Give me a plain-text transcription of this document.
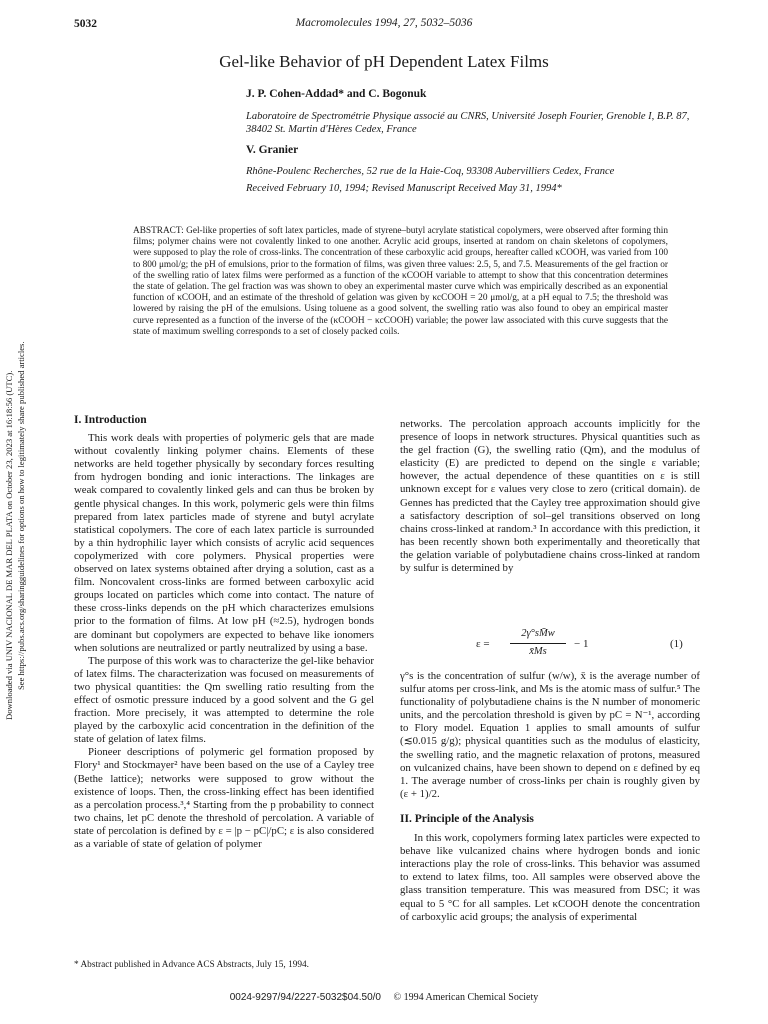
5032	Macromolecules 1994, 27, 5032–5036
Gel-like Behavior of pH Dependent Latex Films
J. P. Cohen-Addad* and C. Bogonuk
Laboratoire de Spectrométrie Physique associé au CNRS, Université Joseph Fourier, Grenoble I, B.P. 87, 38402 St. Martin d'Hères Cedex, France
V. Granier
Rhône-Poulenc Recherches, 52 rue de la Haie-Coq, 93308 Aubervilliers Cedex, France
Received February 10, 1994; Revised Manuscript Received May 31, 1994*
ABSTRACT: Gel-like properties of soft latex particles, made of styrene–butyl acrylate statistical copolymers, were observed after forming thin films; polymer chains were not covalently linked to one another. Acrylic acid groups, inserted at random on chain skeletons of copolymers, were supposed to play the role of cross-links. The concentration of these carboxylic acid groups, hereafter called κCOOH, was varied from 100 to 800 μmol/g; the pH of emulsions, prior to the formation of films, was given three values: 2.5, 5, and 7.5. Measurements of the gel fraction or of the swelling ratio of latex films were performed as a function of the κCOOH variable to attempt to show that this concentration determines the state of gelation. The gel fraction was was shown to obey an experimental master curve which was empirically described as an exponential function of κCOOH, and an estimate of the threshold of gelation was given by κcCOOH = 20 μmol/g, at a pH equal to 7.5; the threshold was lowered by raising the pH of the emulsions. Using toluene as a good solvent, the swelling ratio was also found to obey an empirical master curve represented as a function of the inverse of the (κCOOH − κcCOOH) variable; the power law associated with this curve suggests that the state of maximum swelling corresponds to a set of closely packed coils.
Downloaded via UNIV NACIONAL DE MAR DEL PLATA on October 23, 2023 at 16:18:56 (UTC). See https://pubs.acs.org/sharingguidelines for options on how to legitimately share published articles.	I. Introduction

This work deals with properties of polymeric gels that are made without covalently linking polymer chains. Elements of these networks are held together physically by secondary forces resulting from hydrogen bonding and ionic interactions. The linkages are weak compared to covalently linked gels and can thus be broken by gentle physical changes. In this work, polymeric gels were thin films prepared from latex particles made of styrene and butyl acrylate statistical copolymers. The core of each latex particle is surrounded by a thin hydrophilic layer which consists of acrylic acid sequences copolymerized with core polymers. Physical properties were observed on latex systems obtained after drying a solution, cast as a film. Noncovalent cross-links are formed between carboxylic acid groups located on particles which come into contact. The nature of these cross-links depends on the pH which characterizes emulsions prior to the formation of films. At low pH (≈2.5), hydrogen bonds are dominant but copolymers are expected to behave like ionomers when solutions are neutralized or partly neutralized by using a base.

The purpose of this work was to characterize the gel-like behavior of latex films. The characterization was focused on measurements of two physical quantities: the Qm swelling ratio resulting from the effect of osmotic pressure induced by a good solvent and the G gel fraction. More precisely, it was attempted to determine the role played by the carboxylic acid concentration in the definition of the state of gelation of latex films.

Pioneer descriptions of polymeric gel formation proposed by Flory¹ and Stockmayer² have been based on the use of a Cayley tree (Bethe lattice); networks were supposed to grow without the existence of loops. Then, the cross-linking effect has been identified as a percolation process.³,⁴ Starting from the p probability to connect two chains, let pC denote the threshold of percolation. A variable of state of percolation is defined by ε = |p − pC|/pC; ε is also considered as a variable of state of gelation of polymer

networks. The percolation approach accounts implicitly for the presence of loops in network structures. Physical quantities such as the gel fraction (G), the swelling ratio (Qm), and the modulus of elasticity (E) are predicted to depend on the single ε variable; however, the actual dependence of these quantities on ε is still unknown except for ε values very close to zero (critical domain). de Gennes has predicted that the Cayley tree approximation should give a satisfactory description of sol–gel transitions observed on long chains cross-linked at random.³ In accordance with this prediction, it has been recently shown both experimentally and theoretically that the gelation variable of polybutadiene chains cross-linked at random by sulfur is determined by

ε =
2γ°sM̄w
x̄Ms
− 1	(1)

γ°s is the concentration of sulfur (w/w), x̄ is the average number of sulfur atoms per cross-link, and Ms is the atomic mass of sulfur.⁵ The functionality of polybutadiene chains is the N number of monomeric units, and the percolation threshold is given by pC = N⁻¹, according to Flory model. Equation 1 applies to small amounts of sulfur (≲0.015 g/g); physical quantities such as the modulus of elasticity, the swelling ratio, and the magnetic relaxation of protons, measured on vulcanized chains, have been shown to depend on ε defined by eq 1. The average number of cross-links per chain is roughly given by (ε + 1)/2.

II. Principle of the Analysis

In this work, copolymers forming latex particles were expected to behave like vulcanized chains where hydrogen bonds and ionic interactions play the role of cross-links. This behavior was assumed to extend to latex films, too. All samples were observed above the glass transition temperature. This was measured from DSC; it was equal to 5 °C for all samples. Let κCOOH denote the concentration of carboxylic acid groups; the analysis of experimental

* Abstract published in Advance ACS Abstracts, July 15, 1994.
0024-9297/94/2227-5032$04.50/0 © 1994 American Chemical Society
